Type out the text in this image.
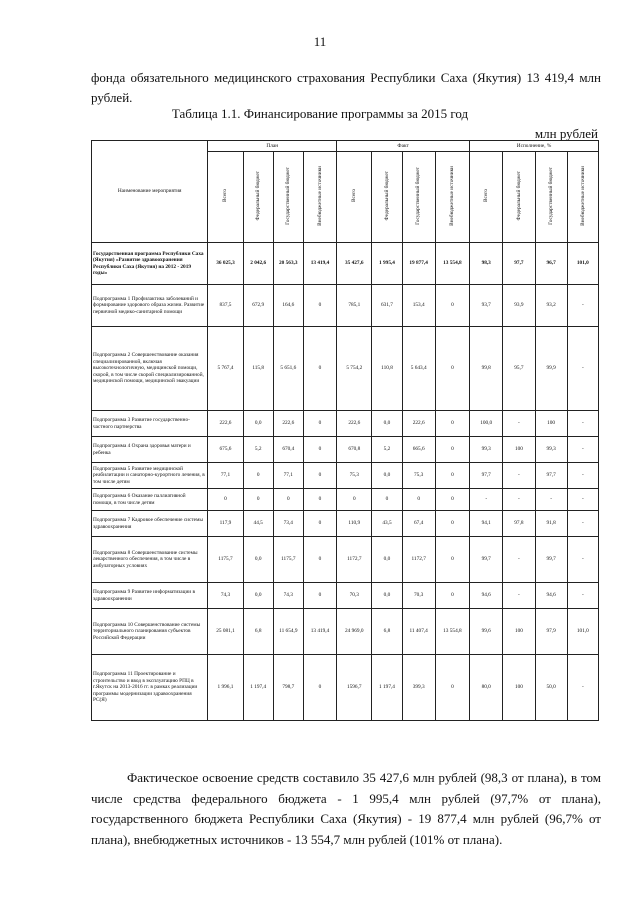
11
фонда обязательного медицинского страхования Республики Саха (Якутия) 13 419,4 млн рублей.
Таблица 1.1. Финансирование программы за 2015 год
млн рублей
Наименование мероприятия	План				Факт				Исполнение, %			
	Всего	Федеральный бюджет	Государственный бюджет	Внебюджетные источники	Всего	Федеральный бюджет	Государственный бюджет	Внебюджетные источники	Всего	Федеральный бюджет	Государственный бюджет	Внебюджетные источники
Государственная программа Республики Саха (Якутия) «Развитие здравоохранения Республики Саха (Якутия) на 2012 - 2019 годы»	36 025,3	2 042,6	20 563,3	13 419,4	35 427,6	1 995,4	19 877,4	13 554,8	98,3	97,7	96,7	101,0
Подпрограмма 1 Профилактика заболеваний и формирование здорового образа жизни. Развитие первичной медико-санитарной помощи	837,5	672,9	164,6	0	785,1	631,7	153,4	0	93,7	93,9	93,2	-
Подпрограмма 2 Совершенствование оказания специализированной, включая высокотехнологичную, медицинской помощи, скорой, в том числе скорой специализированной, медицинской помощи, медицинской эвакуации	5 767,4	115,8	5 651,6	0	5 754,2	110,8	5 643,4	0	99,8	95,7	99,9	-
Подпрограмма 3 Развитие государственно-частного партнерства	222,6	0,0	222,6	0	222,6	0,0	222,6	0	100,0	-	100	-
Подпрограмма 4 Охрана здоровья матери и ребенка	675,6	5,2	670,4	0	670,8	5,2	665,6	0	99,3	100	99,3	-
Подпрограмма 5 Развитие медицинской реабилитации и санаторно-курортного лечения, в том числе детям	77,1	0	77,1	0	75,3	0,0	75,3	0	97,7	-	97,7	-
Подпрограмма 6 Оказание паллиативной помощи, в том числе детям	0	0	0	0	0	0	0	0	-	-	-	-
Подпрограмма 7 Кадровое обеспечение системы здравоохранения	117,9	44,5	73,4	0	110,9	43,5	67,4	0	94,1	97,8	91,8	-
Подпрограмма 8 Совершенствование системы лекарственного обеспечения, в том числе в амбулаторных условиях	1175,7	0,0	1175,7	0	1172,7	0,0	1172,7	0	99,7	-	99,7	-
Подпрограмма 9 Развитие информатизации в здравоохранении	74,3	0,0	74,3	0	70,3	0,0	70,3	0	94,6	-	94,6	-
Подпрограмма 10 Совершенствование системы территориального планирования субъектов Российской Федерации	25 081,1	6,8	11 654,9	13 419,4	24 969,0	6,8	11 407,4	13 554,8	99,6	100	97,9	101,0
Подпрограмма 11 Проектирование и строительство и ввод в эксплуатацию РПЦ в г.Якутск на 2013-2016 гг. в рамках реализации программы модернизации здравоохранения РС(Я)	1 996,1	1 197,4	798,7	0	1596,7	1 197,4	399,3	0	80,0	100	50,0	-
Фактическое освоение средств составило 35 427,6 млн рублей (98,3 от плана), в том числе средства федерального бюджета - 1 995,4 млн рублей (97,7% от плана), государственного бюджета Республики Саха (Якутия) - 19 877,4 млн рублей (96,7% от плана), внебюджетных источников - 13 554,7 млн рублей (101% от плана).
